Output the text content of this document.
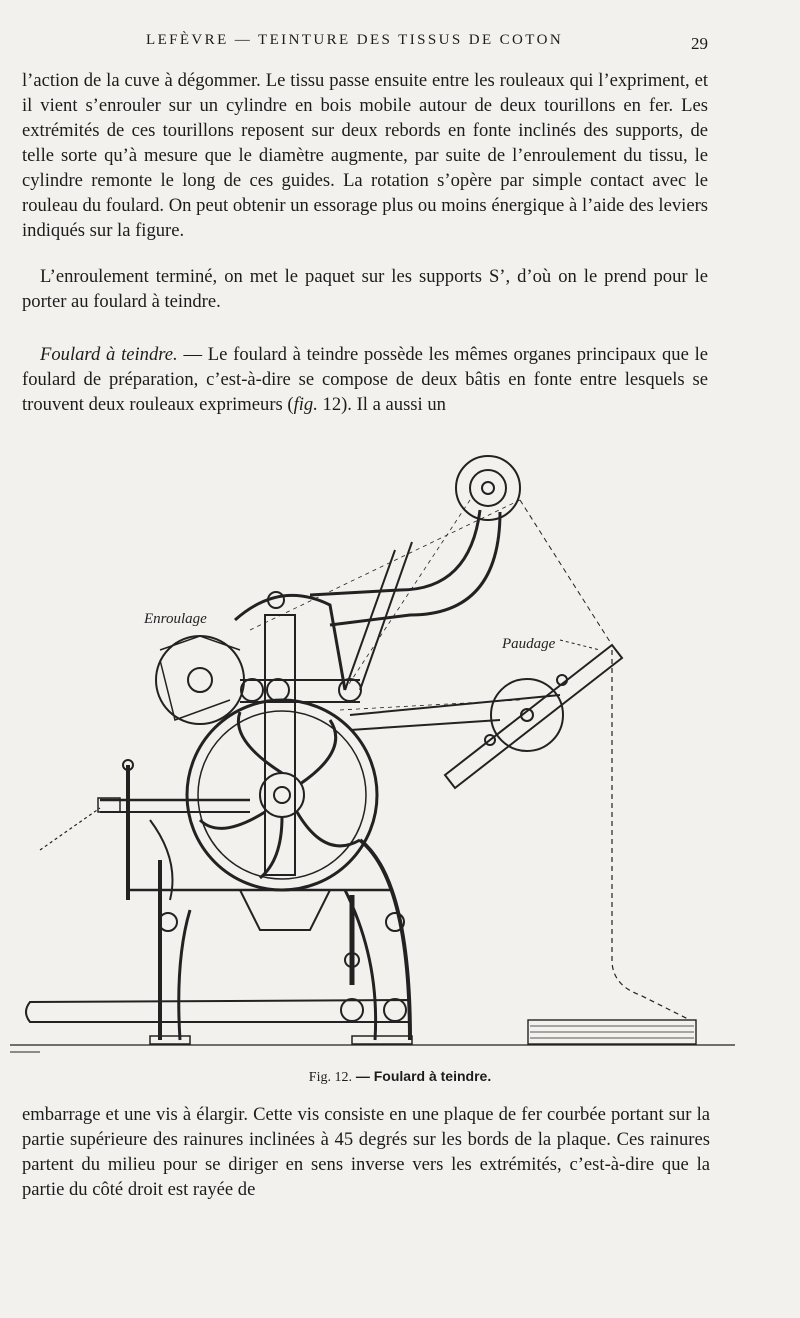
LEFÈVRE — TEINTURE DES TISSUS DE COTON	29

l’action de la cuve à dégommer. Le tissu passe ensuite entre les rouleaux qui l’expriment, et il vient s’enrouler sur un cylindre en bois mobile autour de deux tourillons en fer. Les extrémités de ces tourillons reposent sur deux rebords en fonte inclinés des supports, de telle sorte qu’à mesure que le diamètre augmente, par suite de l’enroulement du tissu, le cylindre remonte le long de ces guides. La rotation s’opère par simple contact avec le rouleau du foulard. On peut obtenir un essorage plus ou moins énergique à l’aide des leviers indiqués sur la figure.

L’enroulement terminé, on met le paquet sur les supports S’, d’où on le prend pour le porter au foulard à teindre.

Foulard à teindre. — Le foulard à teindre possède les mêmes organes principaux que le foulard de préparation, c’est-à-dire se compose de deux bâtis en fonte entre lesquels se trouvent deux rouleaux exprimeurs (fig. 12). Il a aussi un

Enroulage
Paudage
Fig. 12. — Foulard à teindre.

embarrage et une vis à élargir. Cette vis consiste en une plaque de fer courbée portant sur la partie supérieure des rainures inclinées à 45 degrés sur les bords de la plaque. Ces rainures partent du milieu pour se diriger en sens inverse vers les extrémités, c’est-à-dire que la partie du côté droit est rayée de
